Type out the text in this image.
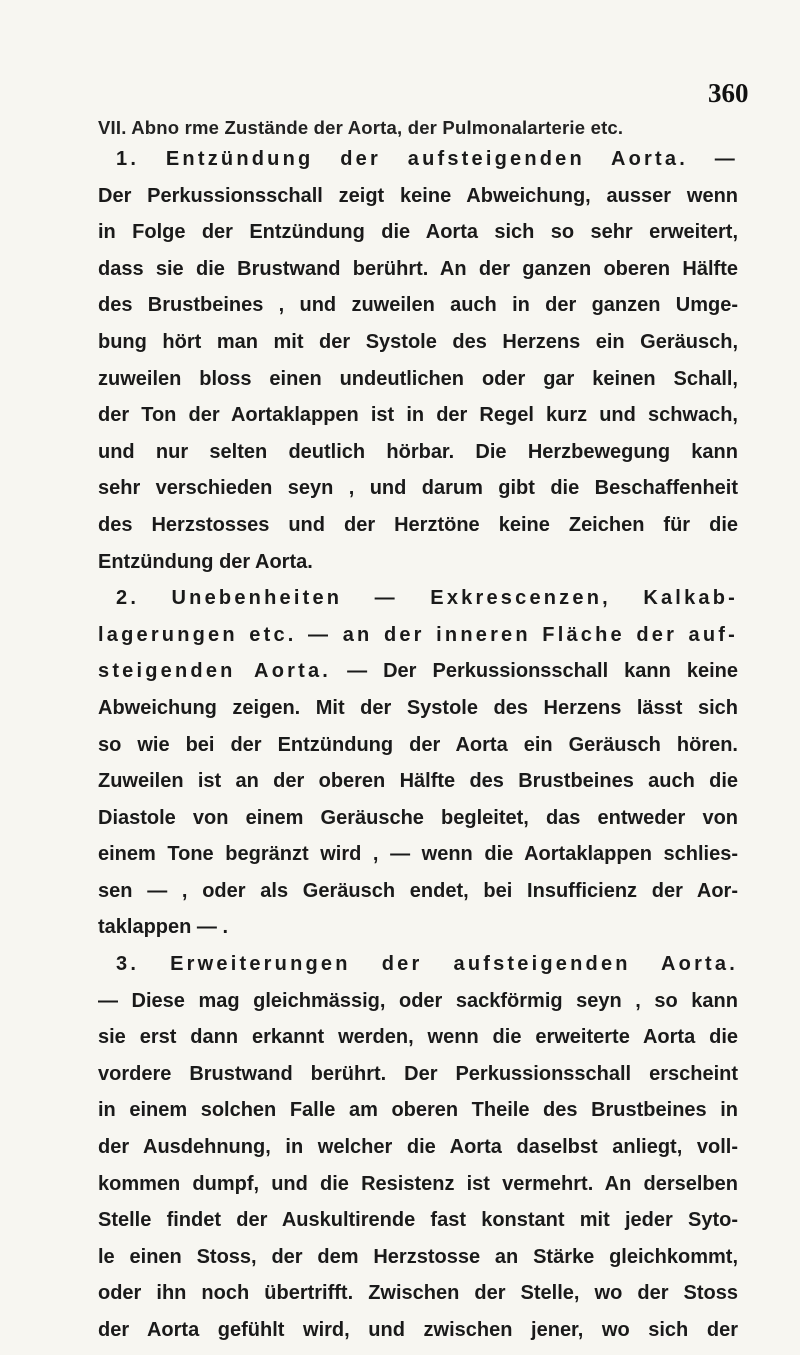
360
VII. Abno rme Zustände der Aorta, der Pulmonalarterie etc.
1. Entzündung der aufsteigenden Aorta. —
Der Perkussionsschall zeigt keine Abweichung, ausser wenn
in Folge der Entzündung die Aorta sich so sehr erweitert,
dass sie die Brustwand berührt. An der ganzen oberen Hälfte
des Brustbeines , und zuweilen auch in der ganzen Umge-
bung hört man mit der Systole des Herzens ein Geräusch,
zuweilen bloss einen undeutlichen oder gar keinen Schall,
der Ton der Aortaklappen ist in der Regel kurz und schwach,
und nur selten deutlich hörbar. Die Herzbewegung kann
sehr verschieden seyn , und darum gibt die Beschaffenheit
des Herzstosses und der Herztöne keine Zeichen für die
Entzündung der Aorta.
2. Unebenheiten — Exkrescenzen, Kalkab-
lagerungen etc. — an der inneren Fläche der auf-
steigenden Aorta. — Der Perkussionsschall kann keine
Abweichung zeigen. Mit der Systole des Herzens lässt sich
so wie bei der Entzündung der Aorta ein Geräusch hören.
Zuweilen ist an der oberen Hälfte des Brustbeines auch die
Diastole von einem Geräusche begleitet, das entweder von
einem Tone begränzt wird , — wenn die Aortaklappen schlies-
sen — , oder als Geräusch endet, bei Insufficienz der Aor-
taklappen — .
3. Erweiterungen der aufsteigenden Aorta.
— Diese mag gleichmässig, oder sackförmig seyn , so kann
sie erst dann erkannt werden, wenn die erweiterte Aorta die
vordere Brustwand berührt. Der Perkussionsschall erscheint
in einem solchen Falle am oberen Theile des Brustbeines in
der Ausdehnung, in welcher die Aorta daselbst anliegt, voll-
kommen dumpf, und die Resistenz ist vermehrt. An derselben
Stelle findet der Auskultirende fast konstant mit jeder Syto-
le einen Stoss, der dem Herzstosse an Stärke gleichkommt,
oder ihn noch übertrifft. Zwischen der Stelle, wo der Stoss
der Aorta gefühlt wird, und zwischen jener, wo sich der
